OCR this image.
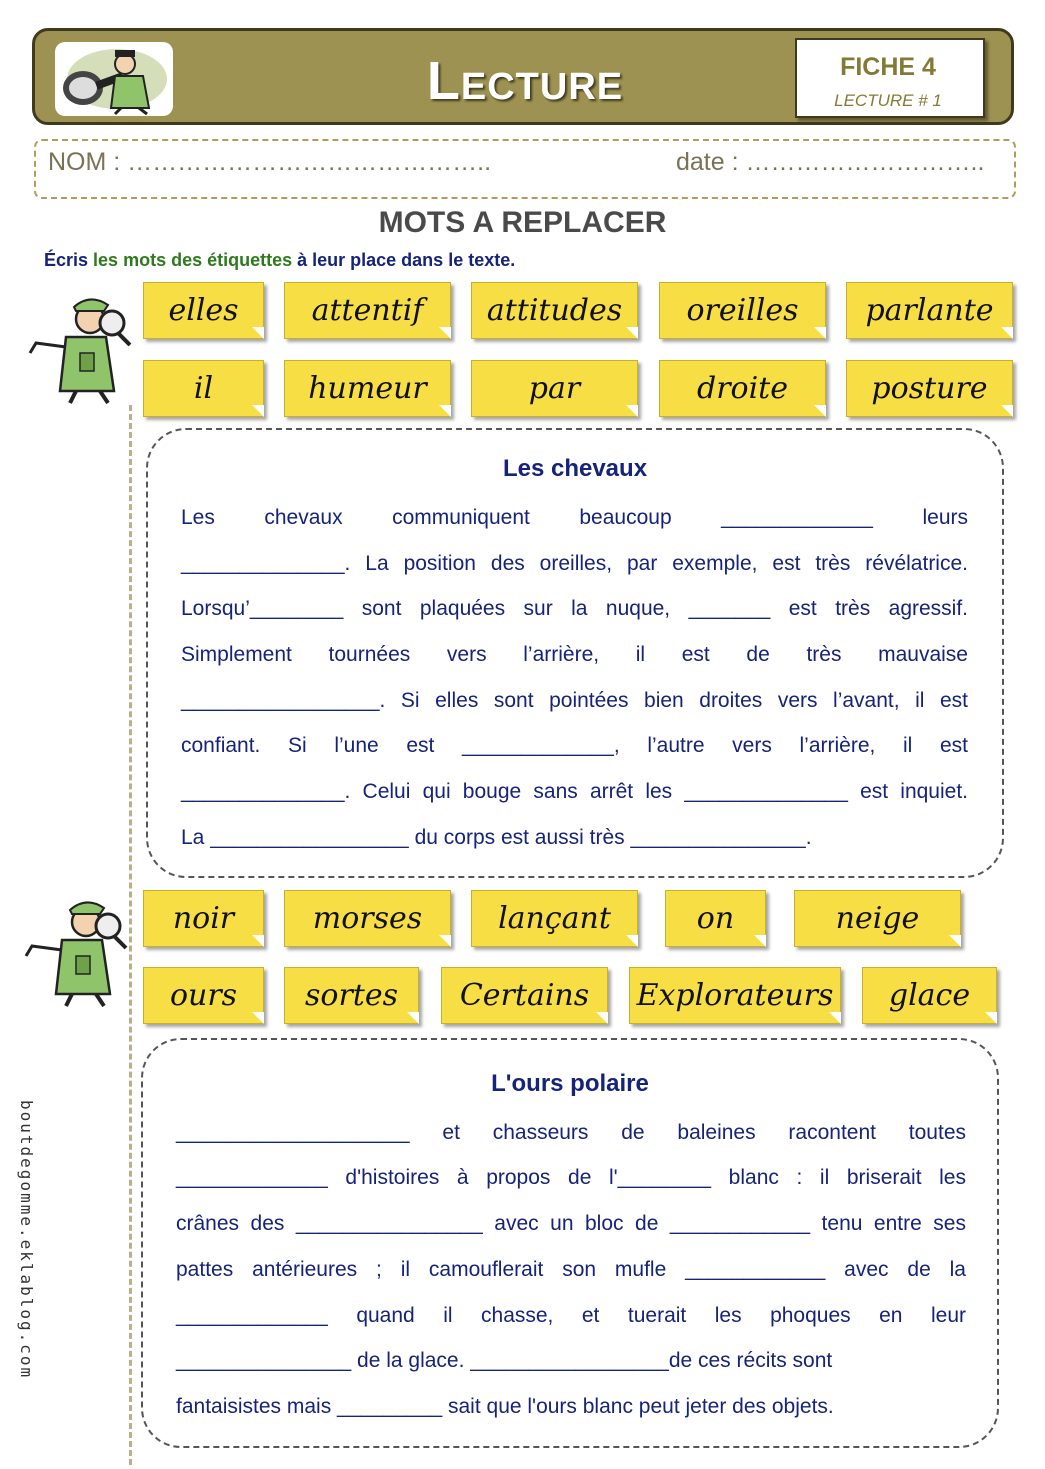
Lecture	FICHE 4
LECTURE # 1
NOM : ……………………………………..	date : ………………………..
MOTS A REPLACER
Écris les mots des étiquettes à leur place dans le texte.
elles	attentif	attitudes	oreilles	parlante
il	humeur	par	droite	posture
Les chevaux
Les chevaux communiquent beaucoup _____________ leurs
______________. La position des oreilles, par exemple, est très révélatrice.
Lorsqu’________ sont plaquées sur la nuque, _______ est très agressif.
Simplement tournées vers l’arrière, il est de très mauvaise
_________________. Si elles sont pointées bien droites vers l’avant, il est
confiant. Si l’une est _____________, l’autre vers l’arrière, il est
______________. Celui qui bouge sans arrêt les ______________ est inquiet.
La _________________ du corps est aussi très _______________.
noir	morses	lançant	on	neige
ours	sortes	Certains	Explorateurs	glace
L'ours polaire
____________________ et chasseurs de baleines racontent toutes
_____________ d'histoires à propos de l'________ blanc : il briserait les
crânes des ________________ avec un bloc de ____________ tenu entre ses
pattes antérieures ; il camouflerait son mufle ____________ avec de la
_____________ quand il chasse, et tuerait les phoques en leur
_______________ de la glace. _________________de ces récits sont
fantaisistes mais _________ sait que l'ours blanc peut jeter des objets.
boutdegomme.eklablog.com
